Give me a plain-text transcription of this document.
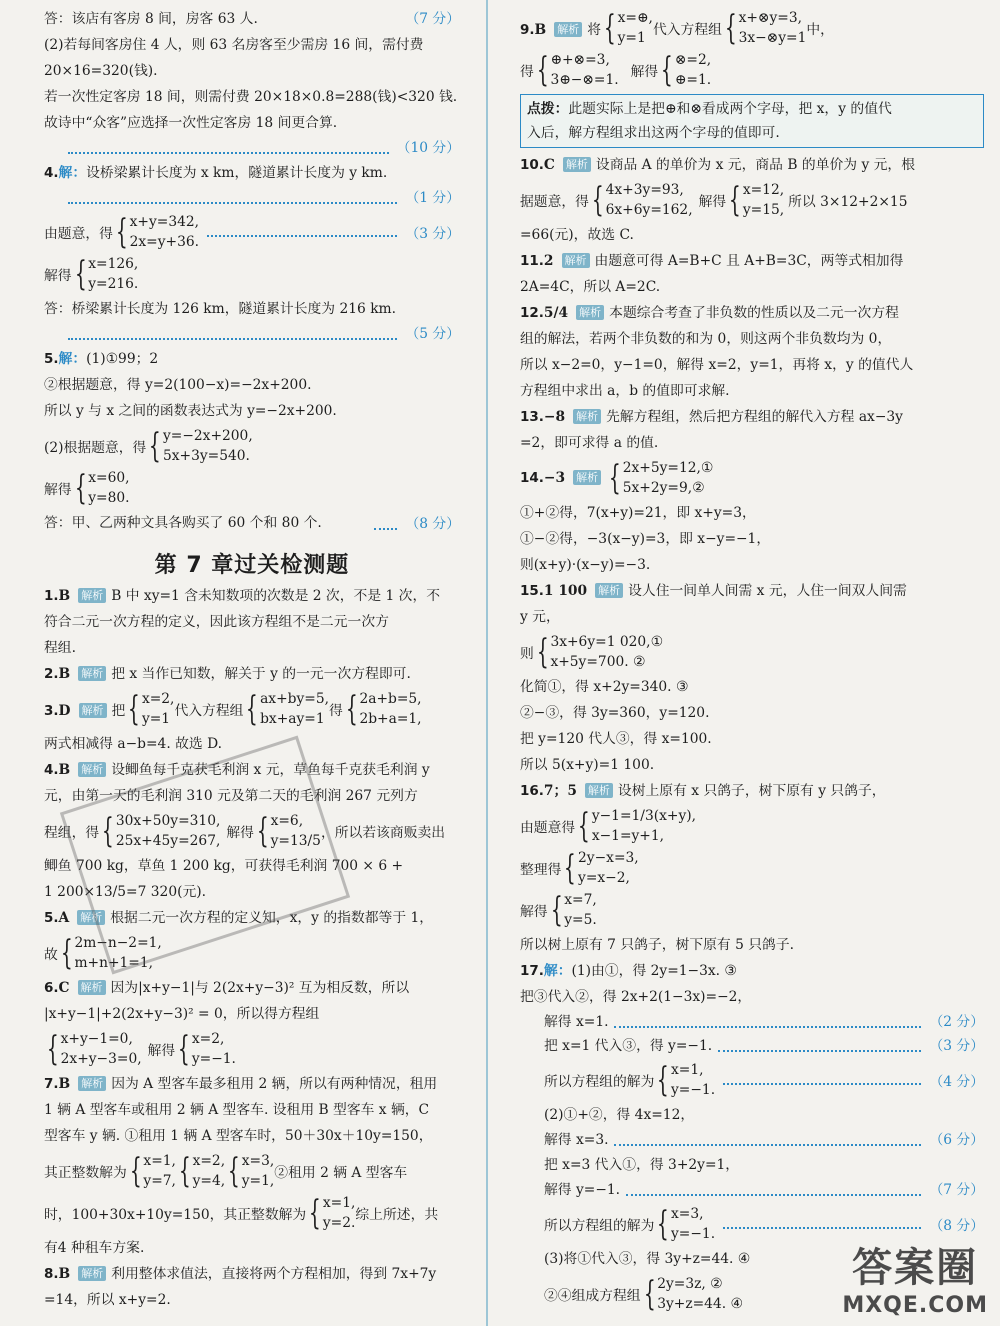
答：该店有客房 8 间，房客 63 人.	（7 分）
(2)若每间客房住 4 人，则 63 名房客至少需房 16 间，需付费
20×16=320(钱).
若一次性定客房 18 间，则需付费 20×18×0.8=288(钱)<320 钱.
故诗中“众客”应选择一次性定客房 18 间更合算.
（10 分）
4.解：设桥梁累计长度为 x km，隧道累计长度为 y km.
（1 分）
由题意，得 { x+y=342,
2x=y+36.	（3 分）
解得 { x=126,
y=216.
答：桥梁累计长度为 126 km，隧道累计长度为 216 km.
（5 分）
5.解：(1)①99；2
②根据题意，得 y=2(100−x)=−2x+200.
所以 y 与 x 之间的函数表达式为 y=−2x+200.
(2)根据题意，得 { y=−2x+200,
5x+3y=540.
解得 { x=60,
y=80.
答：甲、乙两种文具各购买了 60 个和 80 个.	（8 分）
第 7 章过关检测题
1.B 解析 B 中 xy=1 含未知数项的次数是 2 次，不是 1 次，不
符合二元一次方程的定义，因此该方程组不是二元一次方
程组.
2.B 解析 把 x 当作已知数，解关于 y 的一元一次方程即可.
3.D 解析 把 { x=2,
y=1 代入方程组 { ax+by=5,
bx+ay=1 得 { 2a+b=5,
2b+a=1,
两式相减得 a−b=4. 故选 D.
4.B 解析 设鲫鱼每千克获毛利润 x 元，草鱼每千克获毛利润 y
元，由第一天的毛利润 310 元及第二天的毛利润 267 元列方
程组，得 { 30x+50y=310,
25x+45y=267, 解得 { x=6,
y=13/5 ，所以若该商贩卖出
鲫鱼 700 kg，草鱼 1 200 kg，可获得毛利润 700 × 6 +
1 200×13/5=7 320(元).
5.A 解析 根据二元一次方程的定义知，x，y 的指数都等于 1，
故 { 2m−n−2=1,
m+n+1=1,
6.C 解析 因为|x+y−1|与 2(2x+y−3)² 互为相反数，所以
|x+y−1|+2(2x+y−3)² = 0，所以得方程组
{ x+y−1=0,
2x+y−3=0, 解得 { x=2,
y=−1.
7.B 解析 因为 A 型客车最多租用 2 辆，所以有两种情况，租用
1 辆 A 型客车或租用 2 辆 A 型客车. 设租用 B 型客车 x 辆，C
型客车 y 辆. ①租用 1 辆 A 型客车时，50＋30x＋10y=150，
其正整数解为 { x=1,
y=7, { x=2,
y=4, { x=3,
y=1, ②租用 2 辆 A 型客车
时，100+30x+10y=150，其正整数解为 { x=1,
y=2. 综上所述，共
有4 种租车方案.
8.B 解析 利用整体求值法，直接将两个方程相加，得到 7x+7y
=14，所以 x+y=2.
9.B 解析 将 { x=⊕,
y=1 代入方程组 { x+⊗y=3,
3x−⊗y=1 中，
得 { ⊕+⊗=3,
3⊕−⊗=1. 解得 { ⊗=2,
⊕=1.
点拨：此题实际上是把⊕和⊗看成两个字母，把 x，y 的值代
入后，解方程组求出这两个字母的值即可.
10.C 解析 设商品 A 的单价为 x 元，商品 B 的单价为 y 元，根
据题意，得 { 4x+3y=93,
6x+6y=162, 解得 { x=12,
y=15, 所以 3×12+2×15
=66(元)，故选 C.
11.2 解析 由题意可得 A=B+C 且 A+B=3C，两等式相加得
2A=4C，所以 A=2C.
12.5/4 解析 本题综合考查了非负数的性质以及二元一次方程
组的解法，若两个非负数的和为 0，则这两个非负数均为 0，
所以 x−2=0，y−1=0，解得 x=2，y=1，再将 x，y 的值代人
方程组中求出 a，b 的值即可求解.
13.−8 解析 先解方程组，然后把方程组的解代入方程 ax−3y
=2，即可求得 a 的值.
14.−3 解析 { 2x+5y=12,①
5x+2y=9,②
①+②得，7(x+y)=21，即 x+y=3，
①−②得，−3(x−y)=3，即 x−y=−1，
则(x+y)·(x−y)=−3.
15.1 100 解析 设人住一间单人间需 x 元，人住一间双人间需
y 元，
则 { 3x+6y=1 020,①
x+5y=700. ②
化简①，得 x+2y=340. ③
②−③，得 3y=360，y=120.
把 y=120 代人③，得 x=100.
所以 5(x+y)=1 100.
16.7；5 解析 设树上原有 x 只鸽子，树下原有 y 只鸽子，
由题意得 { y−1=1/3(x+y),
x−1=y+1,
整理得 { 2y−x=3,
y=x−2,
解得 { x=7,
y=5.
所以树上原有 7 只鸽子，树下原有 5 只鸽子.
17.解：(1)由①，得 2y=1−3x. ③
把③代入②，得 2x+2(1−3x)=−2，
解得 x=1.	（2 分）
把 x=1 代入③，得 y=−1.	（3 分）
所以方程组的解为 { x=1,
y=−1.	（4 分）
(2)①+②，得 4x=12，
解得 x=3.	（6 分）
把 x=3 代入①，得 3+2y=1，
解得 y=−1.	（7 分）
所以方程组的解为 { x=3,
y=−1.	（8 分）
(3)将①代入③，得 3y+z=44. ④
②④组成方程组 { 2y=3z, ②
3y+z=44. ④
答案圈
MXQE.COM
